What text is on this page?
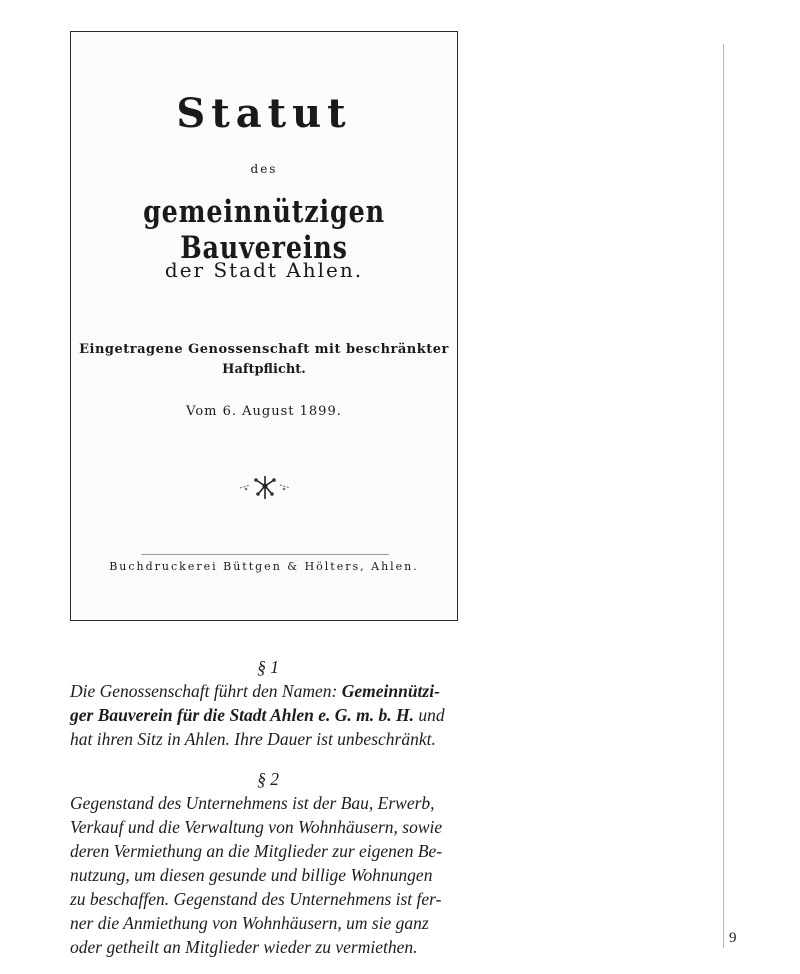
9
Statut
des
gemeinnützigen Bauvereins
der Stadt Ahlen.
Eingetragene Genossenschaft mit beschränkter
Haftpflicht.
Vom 6. August 1899.
Buchdruckerei Büttgen & Hölters, Ahlen.

§ 1

Die Genossenschaft führt den Namen: Gemeinnützi-

ger Bauverein für die Stadt Ahlen e. G. m. b. H. und

hat ihren Sitz in Ahlen. Ihre Dauer ist unbeschränkt.

§ 2

Gegenstand des Unternehmens ist der Bau, Erwerb,

Verkauf und die Verwaltung von Wohnhäusern, sowie

deren Vermiethung an die Mitglieder zur eigenen Be-

nutzung, um diesen gesunde und billige Wohnungen

zu beschaffen. Gegenstand des Unternehmens ist fer-

ner die Anmiethung von Wohnhäusern, um sie ganz

oder getheilt an Mitglieder wieder zu vermiethen.
